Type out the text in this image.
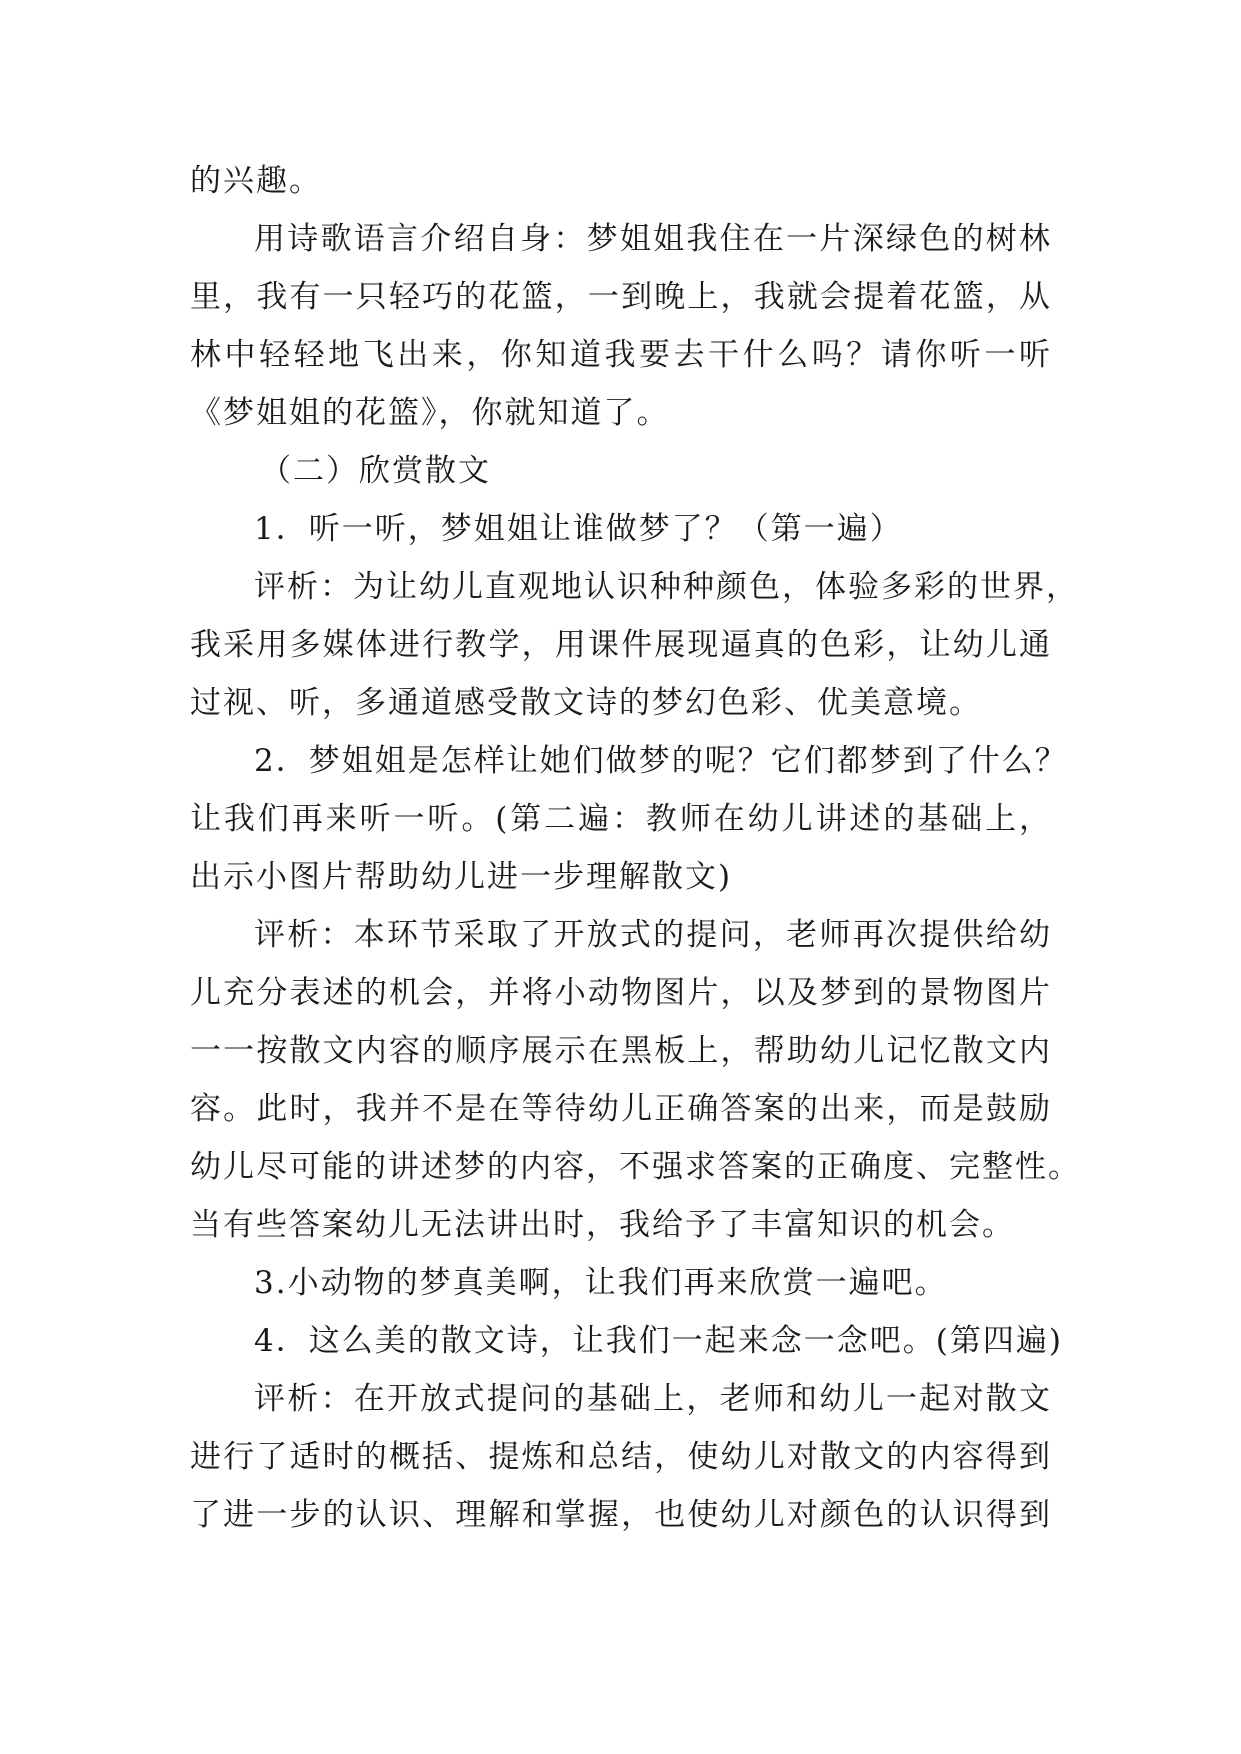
的兴趣。
用诗歌语言介绍自身：梦姐姐我住在一片深绿色的树林
里，我有一只轻巧的花篮，一到晚上，我就会提着花篮，从
林中轻轻地飞出来，你知道我要去干什么吗？请你听一听
《梦姐姐的花篮》，你就知道了。
（二）欣赏散文
1．听一听，梦姐姐让谁做梦了？（第一遍）
评析：为让幼儿直观地认识种种颜色，体验多彩的世界，
我采用多媒体进行教学，用课件展现逼真的色彩，让幼儿通
过视、听，多通道感受散文诗的梦幻色彩、优美意境。
2．梦姐姐是怎样让她们做梦的呢？它们都梦到了什么？
让我们再来听一听。(第二遍：教师在幼儿讲述的基础上，
出示小图片帮助幼儿进一步理解散文)
评析：本环节采取了开放式的提问，老师再次提供给幼
儿充分表述的机会，并将小动物图片，以及梦到的景物图片
一一按散文内容的顺序展示在黑板上，帮助幼儿记忆散文内
容。此时，我并不是在等待幼儿正确答案的出来，而是鼓励
幼儿尽可能的讲述梦的内容，不强求答案的正确度、完整性。
当有些答案幼儿无法讲出时，我给予了丰富知识的机会。
3.小动物的梦真美啊，让我们再来欣赏一遍吧。
4．这么美的散文诗，让我们一起来念一念吧。(第四遍)
评析：在开放式提问的基础上，老师和幼儿一起对散文
进行了适时的概括、提炼和总结，使幼儿对散文的内容得到
了进一步的认识、理解和掌握，也使幼儿对颜色的认识得到
